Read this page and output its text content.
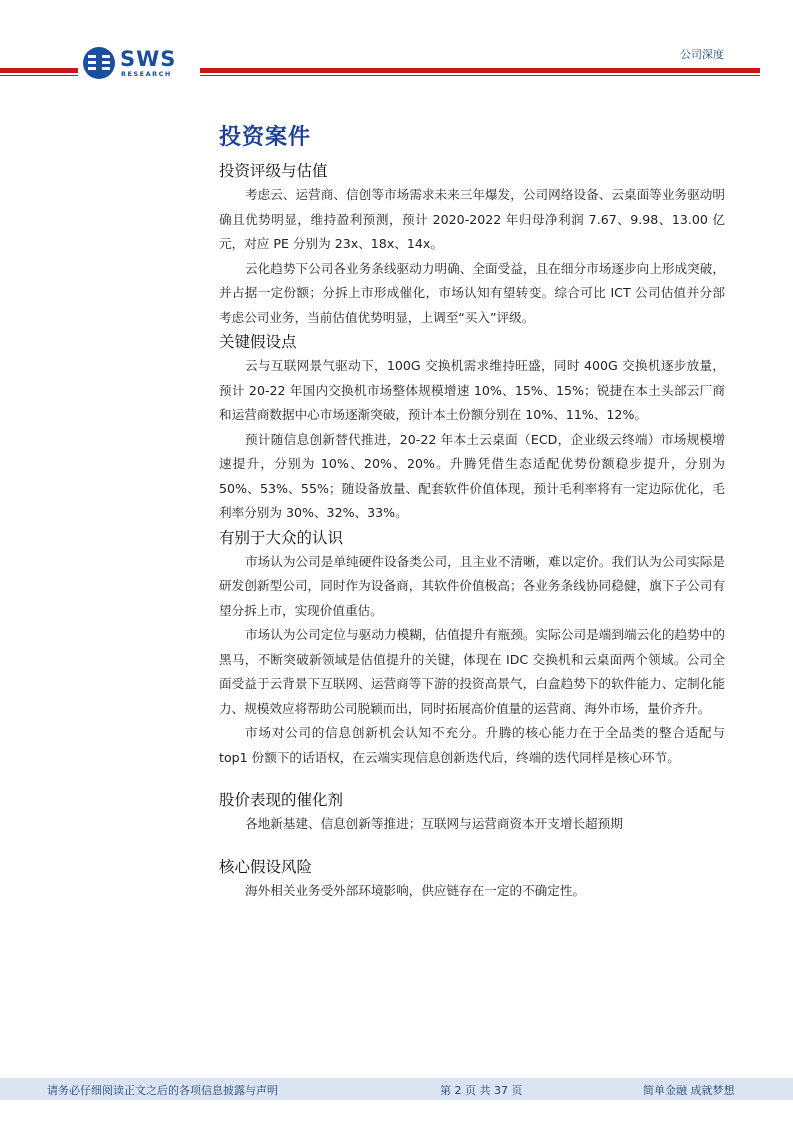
SWS
RESEARCH
公司深度
投资案件
投资评级与估值

考虑云、运营商、信创等市场需求未来三年爆发，公司网络设备、云桌面等业务驱动明确且优势明显，维持盈利预测，预计 2020-2022 年归母净利润 7.67、9.98、13.00 亿元，对应 PE 分别为 23x、18x、14x。

云化趋势下公司各业务条线驱动力明确、全面受益，且在细分市场逐步向上形成突破，并占据一定份额；分拆上市形成催化，市场认知有望转变。综合可比 ICT 公司估值并分部考虑公司业务，当前估值优势明显，上调至“买入”评级。

关键假设点

云与互联网景气驱动下，100G 交换机需求维持旺盛，同时 400G 交换机逐步放量，预计 20-22 年国内交换机市场整体规模增速 10%、15%、15%；锐捷在本土头部云厂商和运营商数据中心市场逐渐突破，预计本土份额分别在 10%、11%、12%。

预计随信息创新替代推进，20-22 年本土云桌面（ECD，企业级云终端）市场规模增速提升，分别为 10%、20%、20%。升腾凭借生态适配优势份额稳步提升，分别为 50%、53%、55%；随设备放量、配套软件价值体现，预计毛利率将有一定边际优化，毛利率分别为 30%、32%、33%。

有别于大众的认识

市场认为公司是单纯硬件设备类公司，且主业不清晰，难以定价。我们认为公司实际是研发创新型公司，同时作为设备商，其软件价值极高；各业务条线协同稳健，旗下子公司有望分拆上市，实现价值重估。

市场认为公司定位与驱动力模糊，估值提升有瓶颈。实际公司是端到端云化的趋势中的黑马，不断突破新领域是估值提升的关键，体现在 IDC 交换机和云桌面两个领域。公司全面受益于云背景下互联网、运营商等下游的投资高景气，白盒趋势下的软件能力、定制化能力、规模效应将帮助公司脱颖而出，同时拓展高价值量的运营商、海外市场，量价齐升。

市场对公司的信息创新机会认知不充分。升腾的核心能力在于全品类的整合适配与 top1 份额下的话语权，在云端实现信息创新迭代后，终端的迭代同样是核心环节。

股价表现的催化剂

各地新基建、信息创新等推进；互联网与运营商资本开支增长超预期

核心假设风险

海外相关业务受外部环境影响，供应链存在一定的不确定性。

请务必仔细阅读正文之后的各项信息披露与声明	第 2 页 共 37 页	简单金融 成就梦想
